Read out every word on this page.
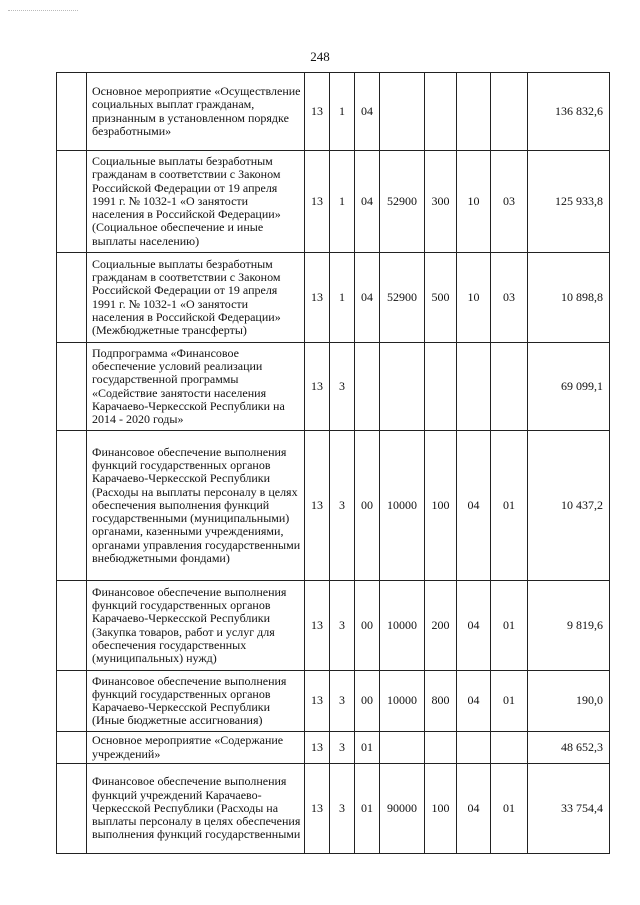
248
	Основное мероприятие «Осуществление социальных выплат гражданам, признанным в установленном порядке безработными»	13	1	04					136 832,6
	Социальные выплаты безработным гражданам в соответствии с Законом Российской Федерации от 19 апреля 1991 г. № 1032-1 «О занятости населения в Российской Федерации» (Социальное обеспечение и иные выплаты населению)	13	1	04	52900	300	10	03	125 933,8
	Социальные выплаты безработным гражданам в соответствии с Законом Российской Федерации от 19 апреля 1991 г. № 1032-1 «О занятости населения в Российской Федерации» (Межбюджетные трансферты)	13	1	04	52900	500	10	03	10 898,8
	Подпрограмма «Финансовое обеспечение условий реализации государственной программы «Содействие занятости населения Карачаево-Черкесской Республики на 2014 - 2020 годы»	13	3						69 099,1
	Финансовое обеспечение выполнения функций государственных органов Карачаево-Черкесской Республики (Расходы на выплаты персоналу в целях обеспечения выполнения функций государственными (муниципальными) органами, казенными учреждениями, органами управления государственными внебюджетными фондами)	13	3	00	10000	100	04	01	10 437,2
	Финансовое обеспечение выполнения функций государственных органов Карачаево-Черкесской Республики (Закупка товаров, работ и услуг для обеспечения государственных (муниципальных) нужд)	13	3	00	10000	200	04	01	9 819,6
	Финансовое обеспечение выполнения функций государственных органов Карачаево-Черкесской Республики (Иные бюджетные ассигнования)	13	3	00	10000	800	04	01	190,0
	Основное мероприятие «Содержание учреждений»	13	3	01					48 652,3
	Финансовое обеспечение выполнения функций учреждений Карачаево-Черкесской Республики (Расходы на выплаты персоналу в целях обеспечения выполнения функций государственными	13	3	01	90000	100	04	01	33 754,4
